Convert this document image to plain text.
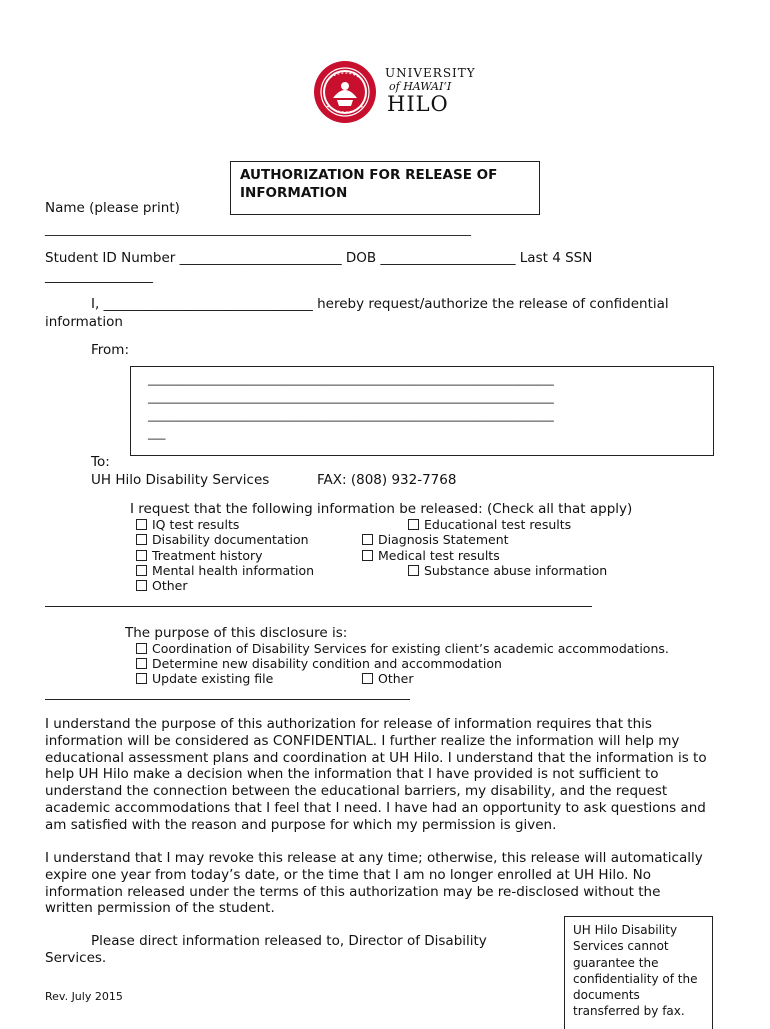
UNIVERSITY
of HAWAIʻI
HILO
AUTHORIZATION FOR RELEASE OF
INFORMATION
Name (please print)
_______________________________________________________________________
Student ID Number ________________________ DOB ____________________ Last 4 SSN
________________
I, _______________________________ hereby request/authorize the release of confidential
information
From:
______________________________________________________________________
______________________________________________________________________
______________________________________________________________________
___
To:
UH Hilo Disability Services	FAX: (808) 932-7768
I request that the following information be released: (Check all that apply)
IQ test results	Educational test results
Disability documentation	Diagnosis Statement
Treatment history	Medical test results
Mental health information	Substance abuse information
Other
The purpose of this disclosure is:
Coordination of Disability Services for existing client’s academic accommodations.
Determine new disability condition and accommodation
Update existing file	Other
I understand the purpose of this authorization for release of information requires that this
information will be considered as CONFIDENTIAL. I further realize the information will help my
educational assessment plans and coordination at UH Hilo. I understand that the information is to
help UH Hilo make a decision when the information that I have provided is not sufficient to
understand the connection between the educational barriers, my disability, and the request
academic accommodations that I feel that I need. I have had an opportunity to ask questions and
am satisfied with the reason and purpose for which my permission is given.
I understand that I may revoke this release at any time; otherwise, this release will automatically
expire one year from today’s date, or the time that I am no longer enrolled at UH Hilo. No
information released under the terms of this authorization may be re-disclosed without the
written permission of the student.
Please direct information released to, Director of Disability
Services.
Rev. July 2015
UH Hilo Disability
Services cannot
guarantee the
confidentiality of the
documents
transferred by fax.
